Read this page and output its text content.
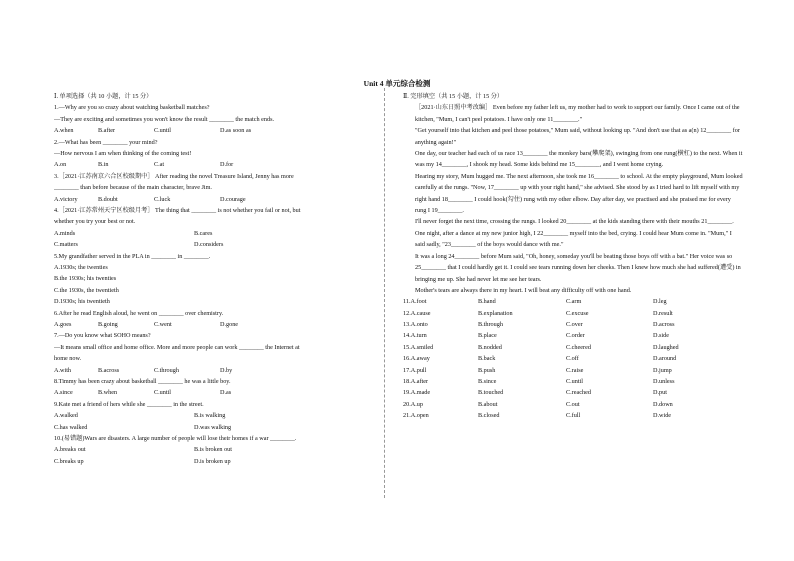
Unit 4 单元综合检测
Ⅰ. 单项选择（共 10 小题，计 15 分）
1.—Why are you so crazy about watching basketball matches?
—They are exciting and sometimes you won't know the result ________ the match ends.
A.when	B.after	C.until	D.as soon as
2.—What has been ________ your mind?
—How nervous I am when thinking of the coming test!
A.on	B.in	C.at	D.for
3.［2021·江苏南京六合区校级期中］ After reading the novel Treasure Island, Jenny has more
________ than before because of the main character, brave Jim.
A.victory	B.doubt	C.luck	D.courage
4.［2021·江苏常州天宁区校级月考］ The thing that ________ is not whether you fail or not, but
whether you try your best or not.
A.minds	B.cares
C.matters	D.considers
5.My grandfather served in the PLA in ________ in ________.
A.1930s; the twenties
B.the 1930s; his twenties
C.the 1930s, the twentieth
D.1930s; his twentieth
6.After he read English aloud, he went on ________ over chemistry.
A.goes	B.going	C.went	D.gone
7.—Do you know what SOHO means?
—It means small office and home office. More and more people can work ________ the Internet at
home now.
A.with	B.across	C.through	D.by
8.Timmy has been crazy about basketball ________ he was a little boy.
A.since	B.when	C.until	D.as
9.Kate met a friend of hers while she ________ in the street.
A.walked	B.is walking
C.has walked	D.was walking
10.(易错题)Wars are disasters. A large number of people will lose their homes if a war ________.
A.breaks out	B.is broken out
C.breaks up	D.is broken up
Ⅱ. 完形填空（共 15 小题，计 15 分）
［2021·山东日照中考改编］ Even before my father left us, my mother had to work to support our family. Once I came out of the kitchen, "Mum, I can't peel potatoes. I have only one 11________."
"Get yourself into that kitchen and peel those potatoes," Mum said, without looking up. "And don't use that as a(n) 12________ for anything again!"
One day, our teacher had each of us race 13________ the monkey bars(攀爬架), swinging from one rung(横杠) to the next. When it was my 14________, I shook my head. Some kids behind me 15________, and I went home crying.
Hearing my story, Mum hugged me. The next afternoon, she took me 16________ to school. At the empty playground, Mum looked carefully at the rungs. "Now, 17________ up with your right hand," she advised. She stood by as I tried hard to lift myself with my right hand 18________ I could hook(勾住) rung with my other elbow. Day after day, we practised and she praised me for every rung I 19________.
I'll never forget the next time, crossing the rungs. I looked 20________ at the kids standing there with their mouths 21________.
One night, after a dance at my new junior high, I 22________ myself into the bed, crying. I could hear Mum come in. "Mum," I said sadly, "23________ of the boys would dance with me."
It was a long 24________ before Mum said, "Oh, honey, someday you'll be beating those boys off with a bat." Her voice was so 25________ that I could hardly get it. I could see tears running down her cheeks. Then I knew how much she had suffered(遭受) in bringing me up. She had never let me see her tears.
Mother's tears are always there in my heart. I will beat any difficulty off with one hand.
11.A.foot	B.hand	C.arm	D.leg
12.A.cause	B.explanation	C.excuse	D.result
13.A.onto	B.through	C.over	D.across
14.A.turn	B.place	C.order	D.side
15.A.smiled	B.nodded	C.cheered	D.laughed
16.A.away	B.back	C.off	D.around
17.A.pull	B.push	C.raise	D.jump
18.A.after	B.since	C.until	D.unless
19.A.made	B.touched	C.reached	D.put
20.A.up	B.about	C.out	D.down
21.A.open	B.closed	C.full	D.wide
